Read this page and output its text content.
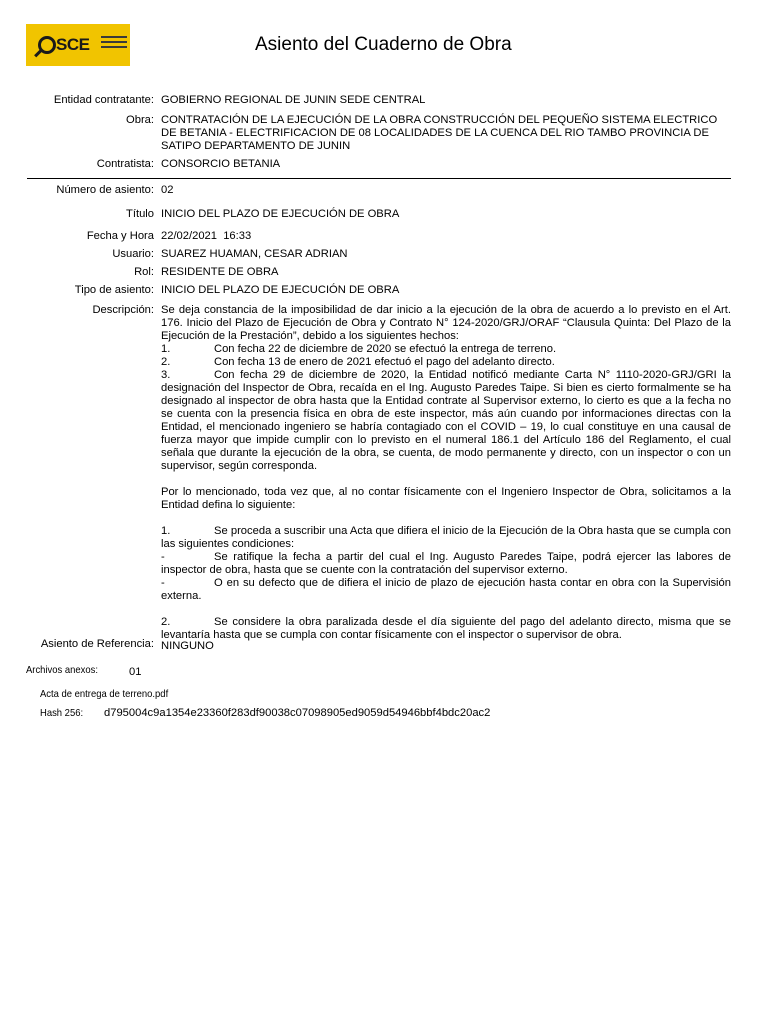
SCE	Asiento del Cuaderno de Obra
Entidad contratante: GOBIERNO REGIONAL DE JUNIN SEDE CENTRAL
Obra: CONTRATACIÓN DE LA EJECUCIÓN DE LA OBRA CONSTRUCCIÓN DEL PEQUEÑO SISTEMA ELECTRICO DE BETANIA - ELECTRIFICACION DE 08 LOCALIDADES DE LA CUENCA DEL RIO TAMBO PROVINCIA DE SATIPO DEPARTAMENTO DE JUNIN
Contratista: CONSORCIO BETANIA
Número de asiento: 02
Título INICIO DEL PLAZO DE EJECUCIÓN DE OBRA
Fecha y Hora 22/02/2021  16:33
Usuario: SUAREZ HUAMAN, CESAR ADRIAN
Rol: RESIDENTE DE OBRA
Tipo de asiento: INICIO DEL PLAZO DE EJECUCIÓN DE OBRA
Descripción: Se deja constancia de la imposibilidad de dar inicio a la ejecución de la obra de acuerdo a lo previsto en el Art. 176. Inicio del Plazo de Ejecución de Obra y Contrato N° 124-2020/GRJ/ORAF “Clausula Quinta: Del Plazo de la Ejecución de la Prestación”, debido a los siguientes hechos:

1.	Con fecha 22 de diciembre de 2020 se efectuó la entrega de terreno.

2.	Con fecha 13 de enero de 2021 efectuó el pago del adelanto directo.

3.	Con fecha 29 de diciembre de 2020, la Entidad notificó mediante Carta N° 1110-2020-GRJ/GRI la designación del Inspector de Obra, recaída en el Ing. Augusto Paredes Taipe. Si bien es cierto formalmente se ha designado al inspector de obra hasta que la Entidad contrate al Supervisor externo, lo cierto es que a la fecha no se cuenta con la presencia física en obra de este inspector, más aún cuando por informaciones directas con la Entidad, el mencionado ingeniero se habría contagiado con el COVID – 19, lo cual constituye en una causal de fuerza mayor que impide cumplir con lo previsto en el numeral 186.1 del Artículo 186 del Reglamento, el cual señala que durante la ejecución de la obra, se cuenta, de modo permanente y directo, con un inspector o con un supervisor, según corresponda.

Por lo mencionado, toda vez que, al no contar físicamente con el Ingeniero Inspector de Obra, solicitamos a la Entidad defina lo siguiente:

1.	Se proceda a suscribir una Acta que difiera el inicio de la Ejecución de la Obra hasta que se cumpla con las siguientes condiciones:

-	Se ratifique la fecha a partir del cual el Ing. Augusto Paredes Taipe, podrá ejercer las labores de inspector de obra, hasta que se cuente con la contratación del supervisor externo.

-	O en su defecto que de difiera el inicio de plazo de ejecución hasta contar en obra con la Supervisión externa.

2.	Se considere la obra paralizada desde el día siguiente del pago del adelanto directo, misma que se levantaría hasta que se cumpla con contar físicamente con el inspector o supervisor de obra.

Asiento de Referencia: NINGUNO
Archivos anexos:	01
Acta de entrega de terreno.pdf
Hash 256: d795004c9a1354e23360f283df90038c07098905ed9059d54946bbf4bdc20ac2
